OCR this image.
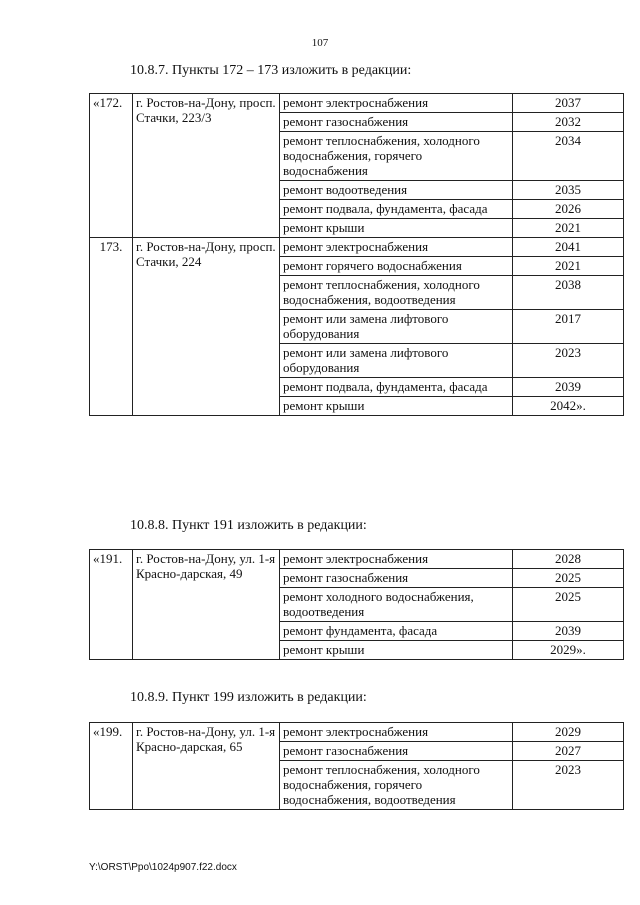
107
10.8.7. Пункты 172 – 173 изложить в редакции:
«172.	г. Ростов-на-Дону, просп. Стачки, 223/3	ремонт электроснабжения	2037
		ремонт газоснабжения	2032
		ремонт теплоснабжения, холодного водоснабжения, горячего водоснабжения	2034
		ремонт водоотведения	2035
		ремонт подвала, фундамента, фасада	2026
		ремонт крыши	2021
173.	г. Ростов-на-Дону, просп. Стачки, 224	ремонт электроснабжения	2041
		ремонт горячего водоснабжения	2021
		ремонт теплоснабжения, холодного водоснабжения, водоотведения	2038
		ремонт или замена лифтового оборудования	2017
		ремонт или замена лифтового оборудования	2023
		ремонт подвала, фундамента, фасада	2039
		ремонт крыши	2042».
10.8.8. Пункт 191 изложить в редакции:
«191.	г. Ростов-на-Дону, ул. 1-я Красно-дарская, 49	ремонт электроснабжения	2028
		ремонт газоснабжения	2025
		ремонт холодного водоснабжения, водоотведения	2025
		ремонт фундамента, фасада	2039
		ремонт крыши	2029».
10.8.9. Пункт 199 изложить в редакции:
«199.	г. Ростов-на-Дону, ул. 1-я Красно-дарская, 65	ремонт электроснабжения	2029
		ремонт газоснабжения	2027
		ремонт теплоснабжения, холодного водоснабжения, горячего водоснабжения, водоотведения	2023
Y:\ORST\Ppo\1024p907.f22.docx
